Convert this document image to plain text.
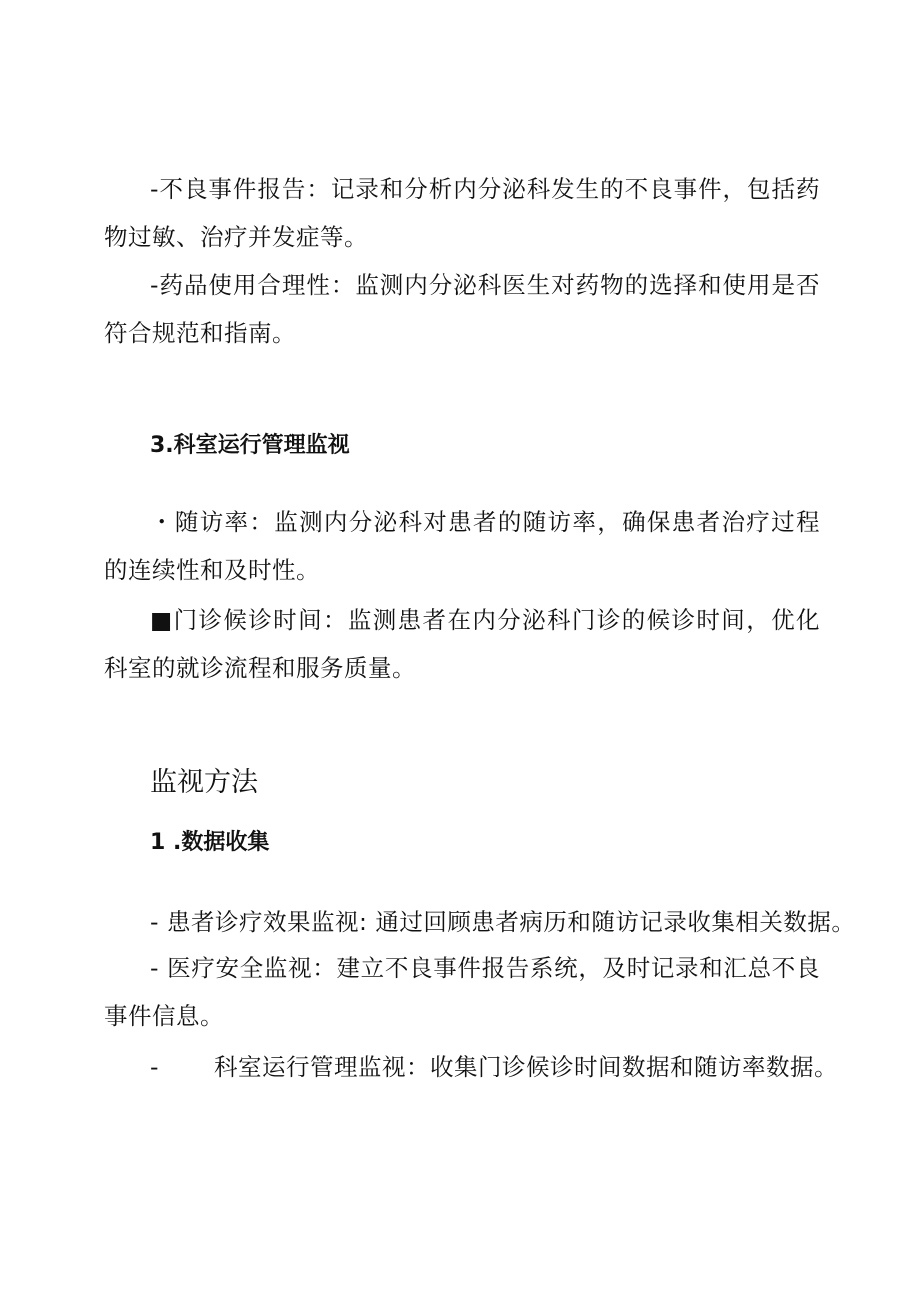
-不良事件报告：记录和分析内分泌科发生的不良事件，包括药物过敏、治疗并发症等。

-药品使用合理性：监测内分泌科医生对药物的选择和使用是否符合规范和指南。

3.科室运行管理监视

・随访率：监测内分泌科对患者的随访率，确保患者治疗过程的连续性和及时性。

■门诊候诊时间：监测患者在内分泌科门诊的候诊时间，优化科室的就诊流程和服务质量。

监视方法

1 .数据收集

- 患者诊疗效果监视: 通过回顾患者病历和随访记录收集相关数据。

- 医疗安全监视：建立不良事件报告系统，及时记录和汇总不良事件信息。

- 科室运行管理监视：收集门诊候诊时间数据和随访率数据。
